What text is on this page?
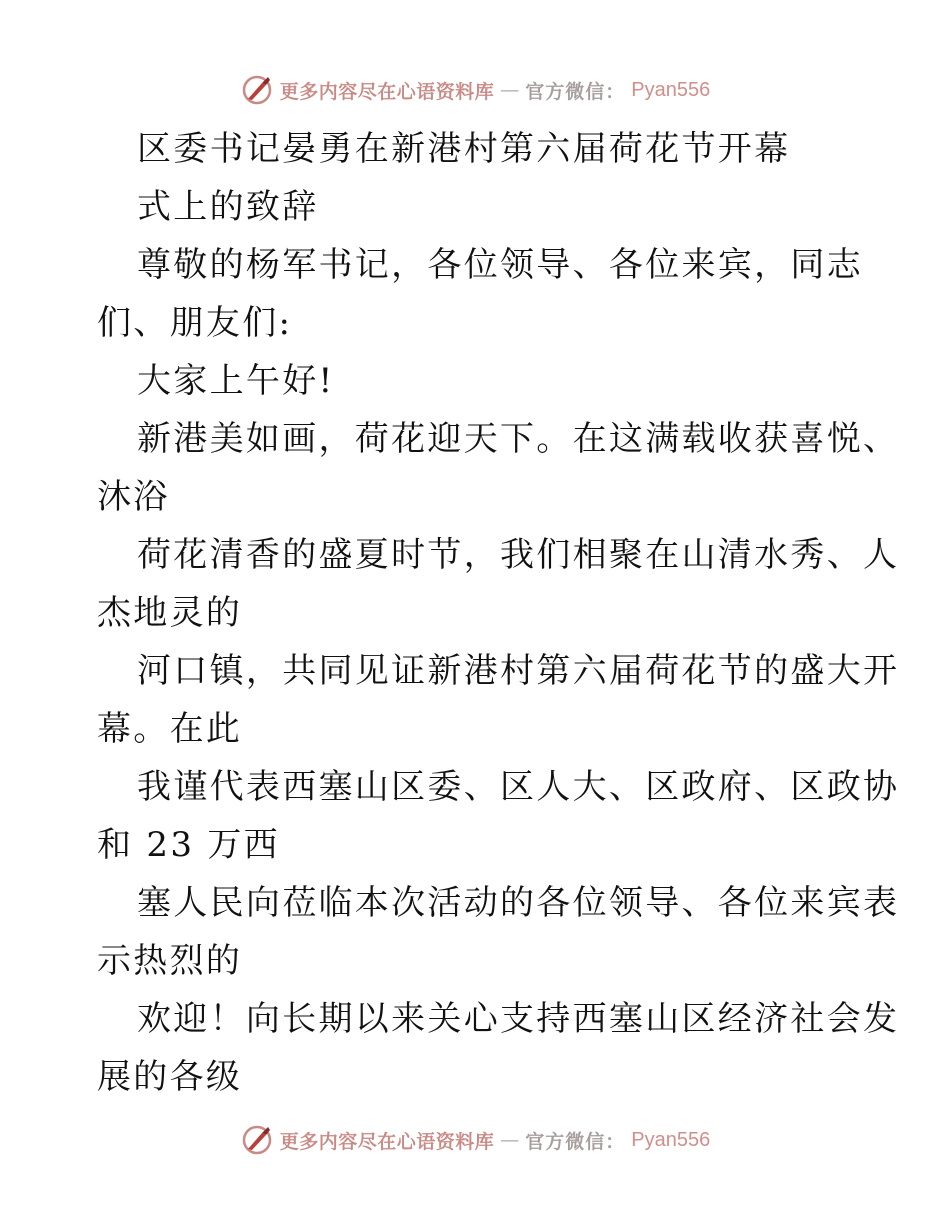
更多内容尽在心语资料库 — 官方微信： Pyan556
区委书记晏勇在新港村第六届荷花节开幕
式上的致辞
尊敬的杨军书记，各位领导、各位来宾，同志
们、朋友们:
大家上午好!
新港美如画，荷花迎天下。在这满载收获喜悦、
沐浴
荷花清香的盛夏时节，我们相聚在山清水秀、人
杰地灵的
河口镇，共同见证新港村第六届荷花节的盛大开
幕。在此
我谨代表西塞山区委、区人大、区政府、区政协
和 23 万西
塞人民向莅临本次活动的各位领导、各位来宾表
示热烈的
欢迎！向长期以来关心支持西塞山区经济社会发
展的各级
更多内容尽在心语资料库 — 官方微信： Pyan556
